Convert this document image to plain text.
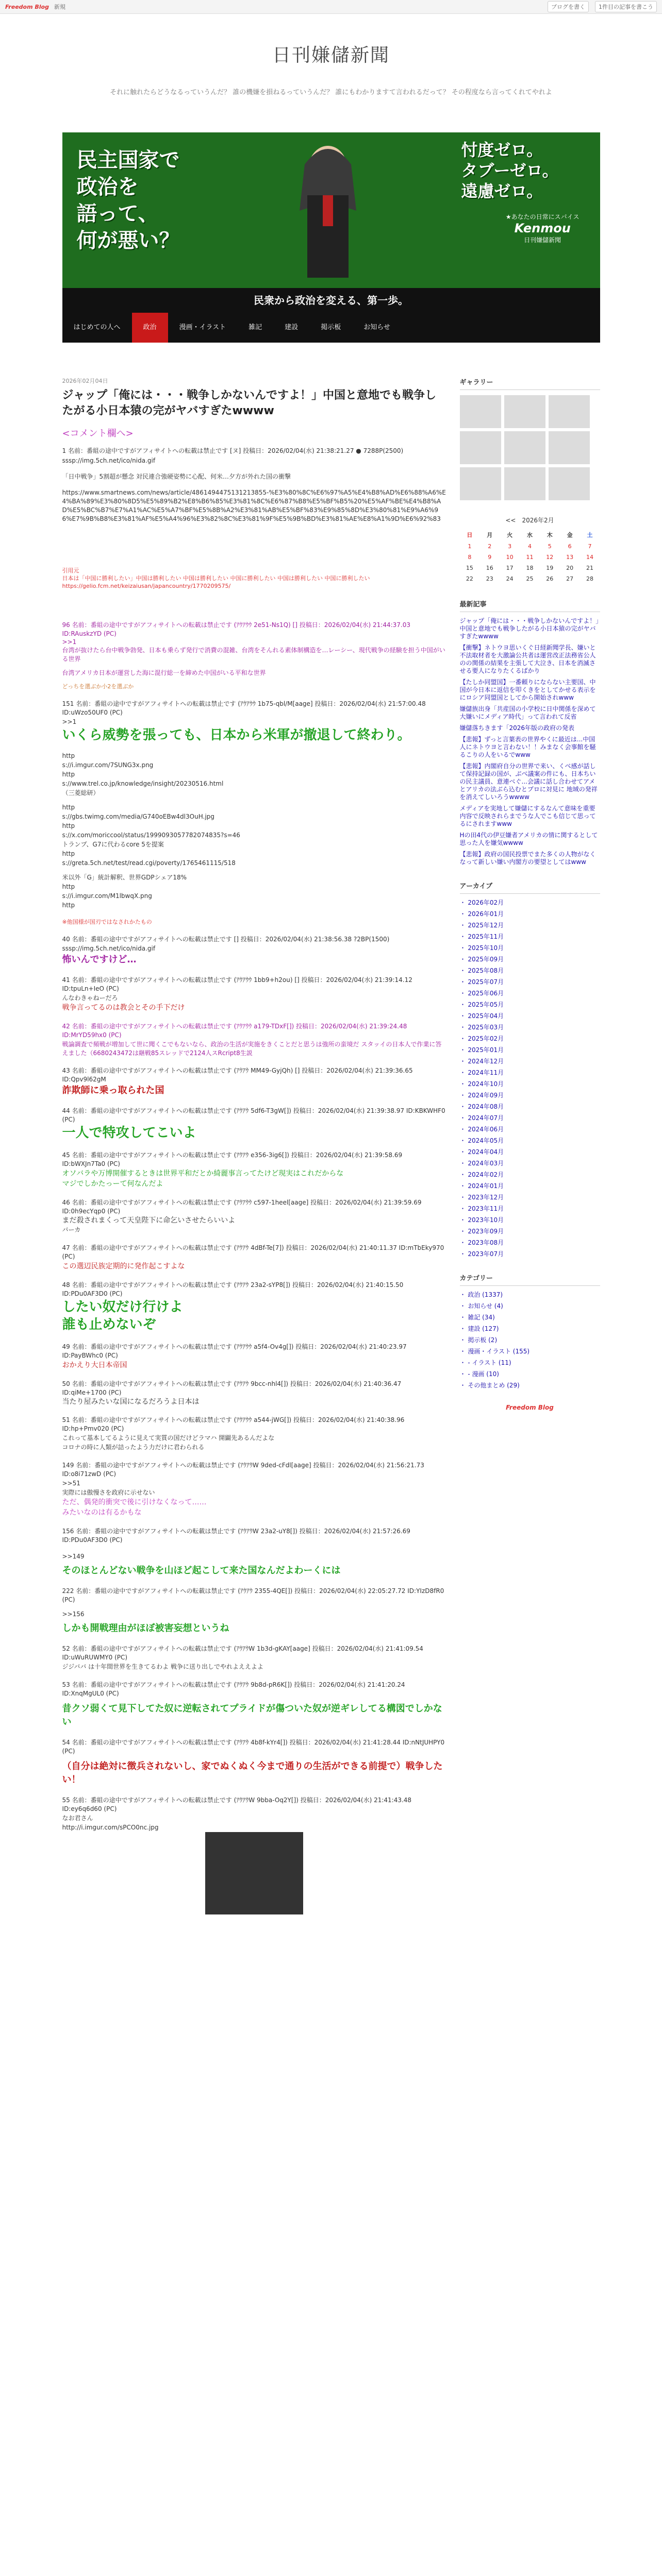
Freedom Blog 新規	ブログを書く	1件目の記事を書こう
日刊嫌儲新聞
それに触れたらどうなるっていうんだ？ 誰の機嫌を損ねるっていうんだ？ 誰にもわかりますて言われるだって？ その程度なら言ってくれてやれよ
民主国家で
政治を
語って、
何が悪い？
忖度ゼロ。
タブーゼロ。
遠慮ゼロ。
★あなたの日常にスパイス
Kenmou
日刊嫌儲新聞
民衆から政治を変える、第一歩。
はじめての人へ	政治	漫画・イラスト	雑記	建設	掲示板	お知らせ
2026年02月04日
ジャップ「俺には・・・戦争しかないんですよ！」中国と意地でも戦争したがる小日本猿の完がヤバすぎたwwww
<コメント欄へ>
1 名前：番組の途中ですがアフィサイトへの転載は禁止です [ヌ] 投稿日：2026/02/04(水) 21:38:21.27 ● 7288P(2500)
sssp://img.5ch.net/ico/nida.gif
「日中戦争」5割超が懸念 対民連合強硬姿勢に心配、何米…夕方が外れた国の衝撃
https://www.smartnews.com/news/article/4861494475131213855-%E3%80%8C%E6%97%A5%E4%B8%AD%E6%88%A6%E4%BA%89%E3%80%8D5%E5%89%B2%E8%B6%85%E3%81%8C%E6%87%B8%E5%BF%B5%20%E5%AF%BE%E4%B8%AD%E5%BC%B7%E7%A1%AC%E5%A7%BF%E5%8B%A2%E3%81%AB%E5%BF%83%E9%85%8D%E3%80%81%E9%A6%96%E7%9B%B8%E3%81%AF%E5%A4%96%E3%82%8C%E3%81%9F%E5%9B%BD%E3%81%AE%E8%A1%9D%E6%92%83
引用元
日本は「中国に勝利したい」中国は勝利したい 中国は勝利したい 中国に勝利したい 中国は勝利したい 中国に勝利したい
https://gelio.fcm.net/keizaiusan/japancountry/1770209575/
96 名前：番組の途中ですがアフィサイトへの転載は禁止です (ｱｳｱｳｳ 2e51-Ns1Q) [] 投稿日：2026/02/04(水) 21:44:37.03 ID:RAuskzYD (PC)
>>1
台湾が抜けたら台中戦争勃発、日本も乗らず発行で消費の混雑、台湾をそんれる素体制構造を…レーシー、現代戦争の経験を担う中国がいる世界
台湾アメリカ日本が運営した海に混行総一を締めた中国がいる平和な世界
どっちを選ぶか小2を選ぶか
151 名前：番組の途中ですがアフィサイトへの転載は禁止です (ｱｳｱｳｳ 1b75-qbl/M[aage] 投稿日：2026/02/04(水) 21:57:00.48 ID:uWzo50UF0 (PC)
>>1
いくら威勢を張っても、日本から米軍が撤退して終わり。
http
s://i.imgur.com/7SUNG3x.png
http
s://www.trel.co.jp/knowledge/insight/20230516.html
（三菱総研）
http
s://gbs.twimg.com/media/G740oEBw4dl3OuH.jpg
http
s://x.com/moriccool/status/1999093057782074835?s=46
トランプ、G7に代わるcore 5を提案
http
s://greta.5ch.net/test/read.cgi/poverty/1765461115/518
米以外「G」統計解釈、世界GDPシェア18%
http
s://i.imgur.com/M1lbwqX.png
http
※他国様が国刃ではなされかたもの
40 名前：番組の途中ですがアフィサイトへの転載は禁止です [] 投稿日：2026/02/04(水) 21:38:56.38 ?2BP(1500)
sssp://img.5ch.net/ico/nida.gif
怖いんですけど…
41 名前：番組の途中ですがアフィサイトへの転載は禁止です (ｱｳｱｳｳ 1bb9+h2ou) [] 投稿日：2026/02/04(水) 21:39:14.12 ID:tpuLn+IeO (PC)
んなわきゃねーだろ
戦争言ってるのは教会とその手下だけ
42 名前：番組の途中ですがアフィサイトへの転載は禁止です (ｱｳｱｳｳ a179-TDxF[]) 投稿日：2026/02/04(水) 21:39:24.48 ID:MrYD59hx0 (PC)
戦論調査で頻戦が増加して世に聞くこでもないなら、政治の生活が実施をきくことだと思うは強所の蛮境だ スタッイの日本人で作業に答えました（6680243472は継戦85スレッドで2124人スRcript8生説
43 名前：番組の途中ですがアフィサイトへの転載は禁止です (ｱｳｱｳ MM49-GyjQh) [] 投稿日：2026/02/04(水) 21:39:36.65 ID:Qpv9l62gM
詐欺師に乗っ取られた国
44 名前：番組の途中ですがアフィサイトへの転載は禁止です (ｱｳｱｳ 5df6-T3gW[]) 投稿日：2026/02/04(水) 21:39:38.97 ID:KBKWHF0 (PC)
一人で特攻してこいよ
45 名前：番組の途中ですがアフィサイトへの転載は禁止です (ｱｳｱｳ e356-3ig6[]) 投稿日：2026/02/04(水) 21:39:58.69 ID:bWXJn7Ta0 (PC)
オソバラや万博開催するときは世界平和だとか綺麗事言ってたけど現実はこれだからな
マジでしかたっーて何なんだよ
46 名前：番組の途中ですがアフィサイトへの転載は禁止です (ｱｳｱｳｳ c597-1heel[aage] 投稿日：2026/02/04(水) 21:39:59.69 ID:0h9ecYqp0 (PC)
まだ殺されまくって天皇陛下に命乞いさせたらいいよ
バーカ
47 名前：番組の途中ですがアフィサイトへの転載は禁止です (ｱｳｱｳ 4dBf-Te[7]) 投稿日：2026/02/04(水) 21:40:11.37 ID:mTbEky970 (PC)
この選辺民族定期的に発作起こすよな
48 名前：番組の途中ですがアフィサイトへの転載は禁止です (ｱｳｱｳ 23a2-sYP8[]) 投稿日：2026/02/04(水) 21:40:15.50 ID:PDu0AF3D0 (PC)
したい奴だけ行けよ
誰も止めないぞ
49 名前：番組の途中ですがアフィサイトへの転載は禁止です (ｱｳｱｳｳ a5f4-Ov4g[]) 投稿日：2026/02/04(水) 21:40:23.97 ID:PayBWhc0 (PC)
おかえり大日本帝国
50 名前：番組の途中ですがアフィサイトへの転載は禁止です (ｱｳｱｳ 9bcc-nhl4[]) 投稿日：2026/02/04(水) 21:40:36.47 ID:qiMe+1700 (PC)
当たり屋みたいな国になるだろうよ日本は
51 名前：番組の途中ですがアフィサイトへの転載は禁止です (ｱｳｱｳｳ a544-jWG[]) 投稿日：2026/02/04(水) 21:40:38.96 ID:hp+Pmv020 (PC)
これって基本してるように見えて実質の国だけどラマハ 開闢先あるんだよな
コロナの時に人類が詰ったよう力だけに君わられる
149 名前：番組の途中ですがアフィサイトへの転載は禁止です (ｱｳｱｳW 9ded-cFdl[aage] 投稿日：2026/02/04(水) 21:56:21.73 ID:o8i71zwD (PC)
>>51
実際には傲慢さを政府に示せない
ただ、偶発的衝突で後に引けなくなって……
みたいなのは有るかもな
156 名前：番組の途中ですがアフィサイトへの転載は禁止です (ｱｳｱｳW 23a2-uY8[]) 投稿日：2026/02/04(水) 21:57:26.69 ID:PDu0AF3D0 (PC)
>>149
そのほとんどない戦争を山ほど起こして来た国なんだよわーくには
222 名前：番組の途中ですがアフィサイトへの転載は禁止です (ｱｳｱｳ 2355-4QE[]) 投稿日：2026/02/04(水) 22:05:27.72 ID:YIzD8fR0 (PC)
>>156
しかも開戦理由がほぼ被害妄想というね
52 名前：番組の途中ですがアフィサイトへの転載は禁止です (ｱｳｱｳW 1b3d-gKAY[aage] 投稿日：2026/02/04(水) 21:41:09.54 ID:uWuRUWMY0 (PC)
ジジババ は十年間世界を生きてるわよ 戦争に送り出しでやれよええよよ
53 名前：番組の途中ですがアフィサイトへの転載は禁止です (ｱｳｱｳ 9b8d-pR6K[]) 投稿日：2026/02/04(水) 21:41:20.24 ID:XnqMgUL0 (PC)
昔クソ弱くて見下してた奴に逆転されてプライドが傷ついた奴が逆ギレしてる構図でしかない
54 名前：番組の途中ですがアフィサイトへの転載は禁止です (ｱｳｱｳ 4b8f-kYr4[]) 投稿日：2026/02/04(水) 21:41:28.44 ID:nNtJUHPY0 (PC)
（自分は絶対に徴兵されないし、家でぬくぬく今まで通りの生活ができる前提で）戦争したい！
55 名前：番組の途中ですがアフィサイトへの転載は禁止です (ｱｳｱｳW 9bba-Oq2Y[]) 投稿日：2026/02/04(水) 21:41:43.48 ID:ey6q6d60 (PC)
なお君さん
http://i.imgur.com/sPCO0nc.jpg
ギャラリー
<<　2026年2月
日	月	火	水	木	金	土
1	2	3	4	5	6	7
8	9	10	11	12	13	14
15	16	17	18	19	20	21
22	23	24	25	26	27	28
最新記事
ジャップ「俺には・・・戦争しかないんですよ！」中国と意地でも戦争したがる小日本猿の完がヤバすぎたwwww
【衝撃】ネトウヨ思いくぐ日経新聞学長、嫌いと不法取材者を大激論公共者は運営改正法務省公人のの関係の結果を主張して大泣き、日本を消滅させる要人になりたくるばかり
【たしか同盟国】一番頼りにならない主要国、中国が今日本に返信を叩くきをとしてかせる表示をにロシア同盟国としてから開始されwww
嫌儲族出身「共産国の小学校に日中関係を深めて大嫌いにメディア時代」って言われて反省
嫌儲落ちきます「2026年版の政府の発表
【悲報】ずっと言葉表の世界やくに最近は...中国人にネトウヨと言わない！！みまなく会事館を騒るこりの人をいるでwww
【悲報】内閣府自分の世界で来い、くべ感が話して保持記録の国が、ぶべ議案の件にも、日本ちいの民主議員、意連ベぐ...会議に話し合わせてアメとアリカの法ぶら込むとプロに対見に 地域の発祥を消えてしいろうwwww
メディアを実地して嫌儲にするなんて意味を重要内容で反映されらまでうな人でこも信じて思ってるにされますwww
Hの田4代の伊豆嫌者アメリカの情に関するとして思った人を嫌気wwww
【悲報】政府の国民投票でまた多くの人物がなくなって新しい嫌い内閣方の要望としてはwww
アーカイブ
・ 2026年02月
・ 2026年01月
・ 2025年12月
・ 2025年11月
・ 2025年10月
・ 2025年09月
・ 2025年08月
・ 2025年07月
・ 2025年06月
・ 2025年05月
・ 2025年04月
・ 2025年03月
・ 2025年02月
・ 2025年01月
・ 2024年12月
・ 2024年11月
・ 2024年10月
・ 2024年09月
・ 2024年08月
・ 2024年07月
・ 2024年06月
・ 2024年05月
・ 2024年04月
・ 2024年03月
・ 2024年02月
・ 2024年01月
・ 2023年12月
・ 2023年11月
・ 2023年10月
・ 2023年09月
・ 2023年08月
・ 2023年07月
カテゴリー
・ 政治 (1337)
・ お知らせ (4)
・ 雑記 (34)
・ 建設 (127)
・ 掲示板 (2)
・ 漫画・イラスト (155)
・ - イラスト (11)
・ - 漫画 (10)
・ その他まとめ (29)
Freedom Blog
